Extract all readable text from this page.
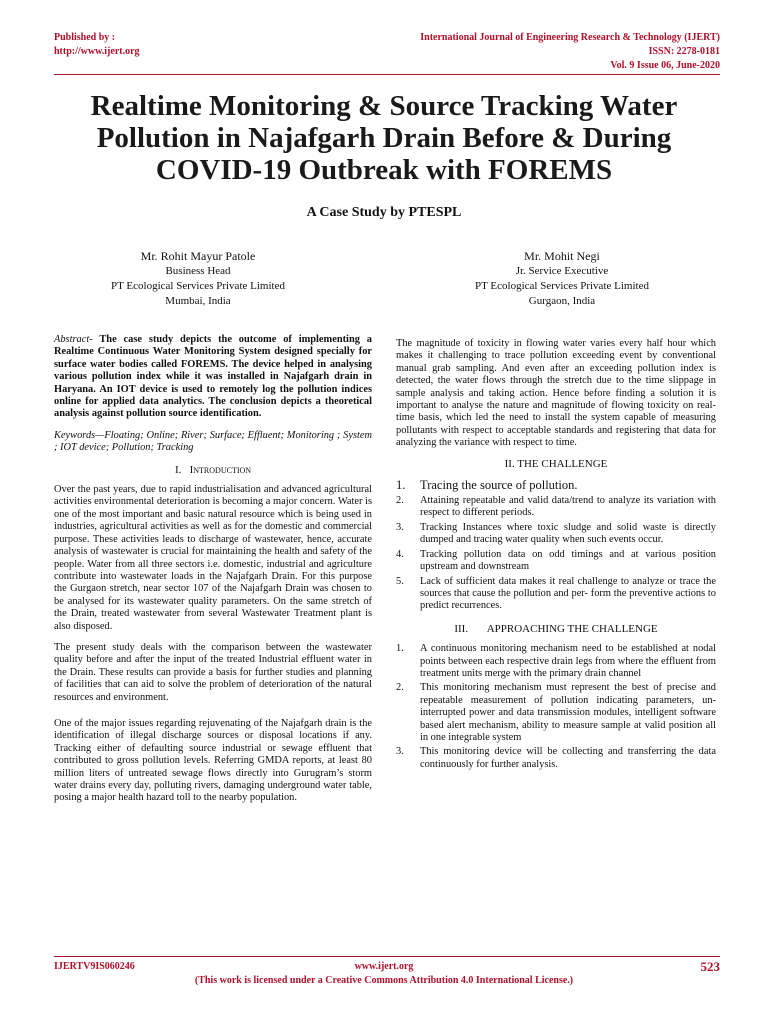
Published by :
http://www.ijert.org
International Journal of Engineering Research & Technology (IJERT)
ISSN: 2278-0181
Vol. 9 Issue 06, June-2020
Realtime Monitoring & Source Tracking Water Pollution in Najafgarh Drain Before & During COVID-19 Outbreak with FOREMS
A Case Study by PTESPL
Mr. Rohit Mayur Patole
Business Head
PT Ecological Services Private Limited
Mumbai, India
Mr. Mohit Negi
Jr. Service Executive
PT Ecological Services Private Limited
Gurgaon, India

Abstract- The case study depicts the outcome of implementing a Realtime Continuous Water Monitoring System designed specially for surface water bodies called FOREMS. The device helped in analysing various pollution index while it was installed in Najafgarh drain in Haryana. An IOT device is used to remotely log the pollution indices online for applied data analytics. The conclusion depicts a theoretical analysis against pollution source identification.

Keywords—Floating; Online; River; Surface; Effluent; Monitoring ; System ; IOT device; Pollution; Tracking

I. Introduction

Over the past years, due to rapid industrialisation and advanced agricultural activities environmental deterioration is becoming a major concern. Water is one of the most important and basic natural resource which is being used in industries, agricultural activities as well as for the domestic and commercial purpose. These activities leads to discharge of wastewater, hence, accurate analysis of wastewater is crucial for maintaining the health and safety of the people. Water from all three sectors i.e. domestic, industrial and agriculture contribute into wastewater loads in the Najafgarh Drain. For this purpose the Gurgaon stretch, near sector 107 of the Najafgarh Drain was chosen to be analysed for its wastewater quality parameters. On the same stretch of the Drain, treated wastewater from several Wastewater Treatment plant is also disposed.

The present study deals with the comparison between the wastewater quality before and after the input of the treated Industrial effluent water in the Drain. These results can provide a basis for further studies and planning of facilities that can aid to solve the problem of deterioration of the natural resources and environment.

One of the major issues regarding rejuvenating of the Najafgarh drain is the identification of illegal discharge sources or disposal locations if any. Tracking either of defaulting source industrial or sewage effluent that contributed to gross pollution levels. Referring GMDA reports, at least 80 million liters of untreated sewage flows directly into Gurugram’s storm water drains every day, polluting rivers, damaging underground water table, posing a major health hazard toll to the nearby population.

The magnitude of toxicity in flowing water varies every half hour which makes it challenging to trace pollution exceeding event by conventional manual grab sampling. And even after an exceeding pollution index is detected, the water flows through the stretch due to the time slippage in sample analysis and taking action. Hence before finding a solution it is important to analyse the nature and magnitude of flowing toxicity on real-time basis, which led the need to install the system capable of measuring pollutants with respect to acceptable standards and registering that data for analyzing the variance with respect to time.

II. THE CHALLENGE
1. Tracing the source of pollution.
2. Attaining repeatable and valid data/trend to analyze its variation with respect to different periods.
3. Tracking Instances where toxic sludge and solid waste is directly dumped and tracing water quality when such events occur.
4. Tracking pollution data on odd timings and at various position upstream and downstream
5. Lack of sufficient data makes it real challenge to analyze or trace the sources that cause the pollution and per- form the preventive actions to predict recurrences.
III.       APPROACHING THE CHALLENGE
1. A continuous monitoring mechanism need to be established at nodal points between each respective drain legs from where the effluent from treatment units merge with the primary drain channel
2. This monitoring mechanism must represent the best of precise and repeatable measurement of pollution indicating parameters, un-interrupted power and data transmission modules, intelligent software based alert mechanism, ability to measure sample at valid position all in one integrable system
3. This monitoring device will be collecting and transferring the data continuously for further analysis.
IJERTV9IS060246	www.ijert.org	523
(This work is licensed under a Creative Commons Attribution 4.0 International License.)
